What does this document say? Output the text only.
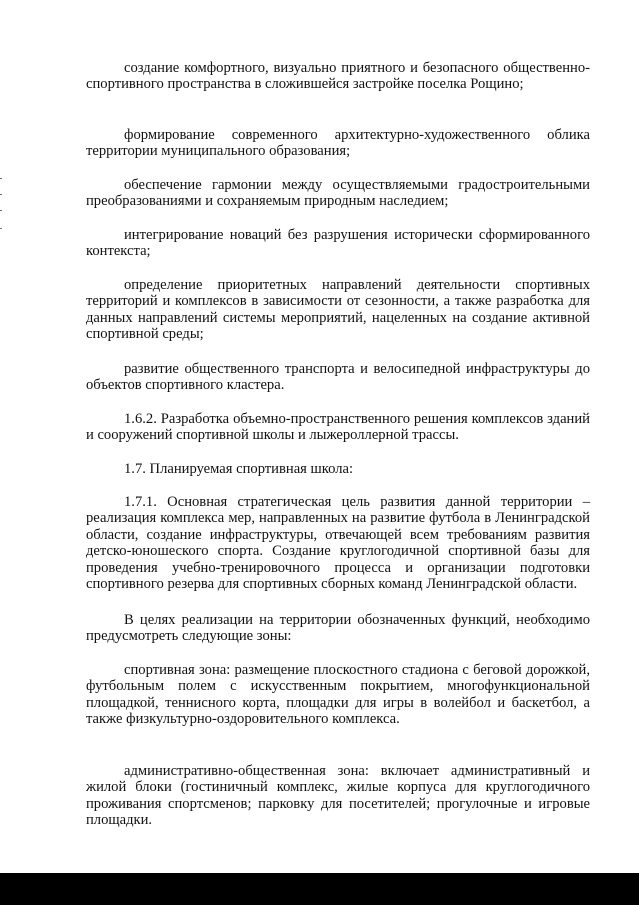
создание комфортного, визуально приятного и безопасного общественно-спортивного пространства в сложившейся застройке поселка Рощино;

формирование современного архитектурно-художественного облика территории муниципального образования;

обеспечение гармонии между осуществляемыми градостроительными преобразованиями и сохраняемым природным наследием;

интегрирование новаций без разрушения исторически сформированного контекста;

определение приоритетных направлений деятельности спортивных территорий и комплексов в зависимости от сезонности, а также разработка для данных направлений системы мероприятий, нацеленных на создание активной спортивной среды;

развитие общественного транспорта и велосипедной инфраструктуры до объектов спортивного кластера.

1.6.2. Разработка объемно-пространственного решения комплексов зданий и сооружений спортивной школы и лыжероллерной трассы.

1.7. Планируемая спортивная школа:

1.7.1. Основная стратегическая цель развития данной территории – реализация комплекса мер, направленных на развитие футбола в Ленинградской области, создание инфраструктуры, отвечающей всем требованиям развития детско-юношеского спорта. Создание круглогодичной спортивной базы для проведения учебно-тренировочного процесса и организации подготовки спортивного резерва для спортивных сборных команд Ленинградской области.

В целях реализации на территории обозначенных функций, необходимо предусмотреть следующие зоны:

спортивная зона: размещение плоскостного стадиона с беговой дорожкой, футбольным полем с искусственным покрытием, многофункциональной площадкой, теннисного корта, площадки для игры в волейбол и баскетбол, а также физкультурно-оздоровительного комплекса.

административно-общественная зона: включает административный и жилой блоки (гостиничный комплекс, жилые корпуса для круглогодичного проживания спортсменов; парковку для посетителей; прогулочные и игровые площадки.
